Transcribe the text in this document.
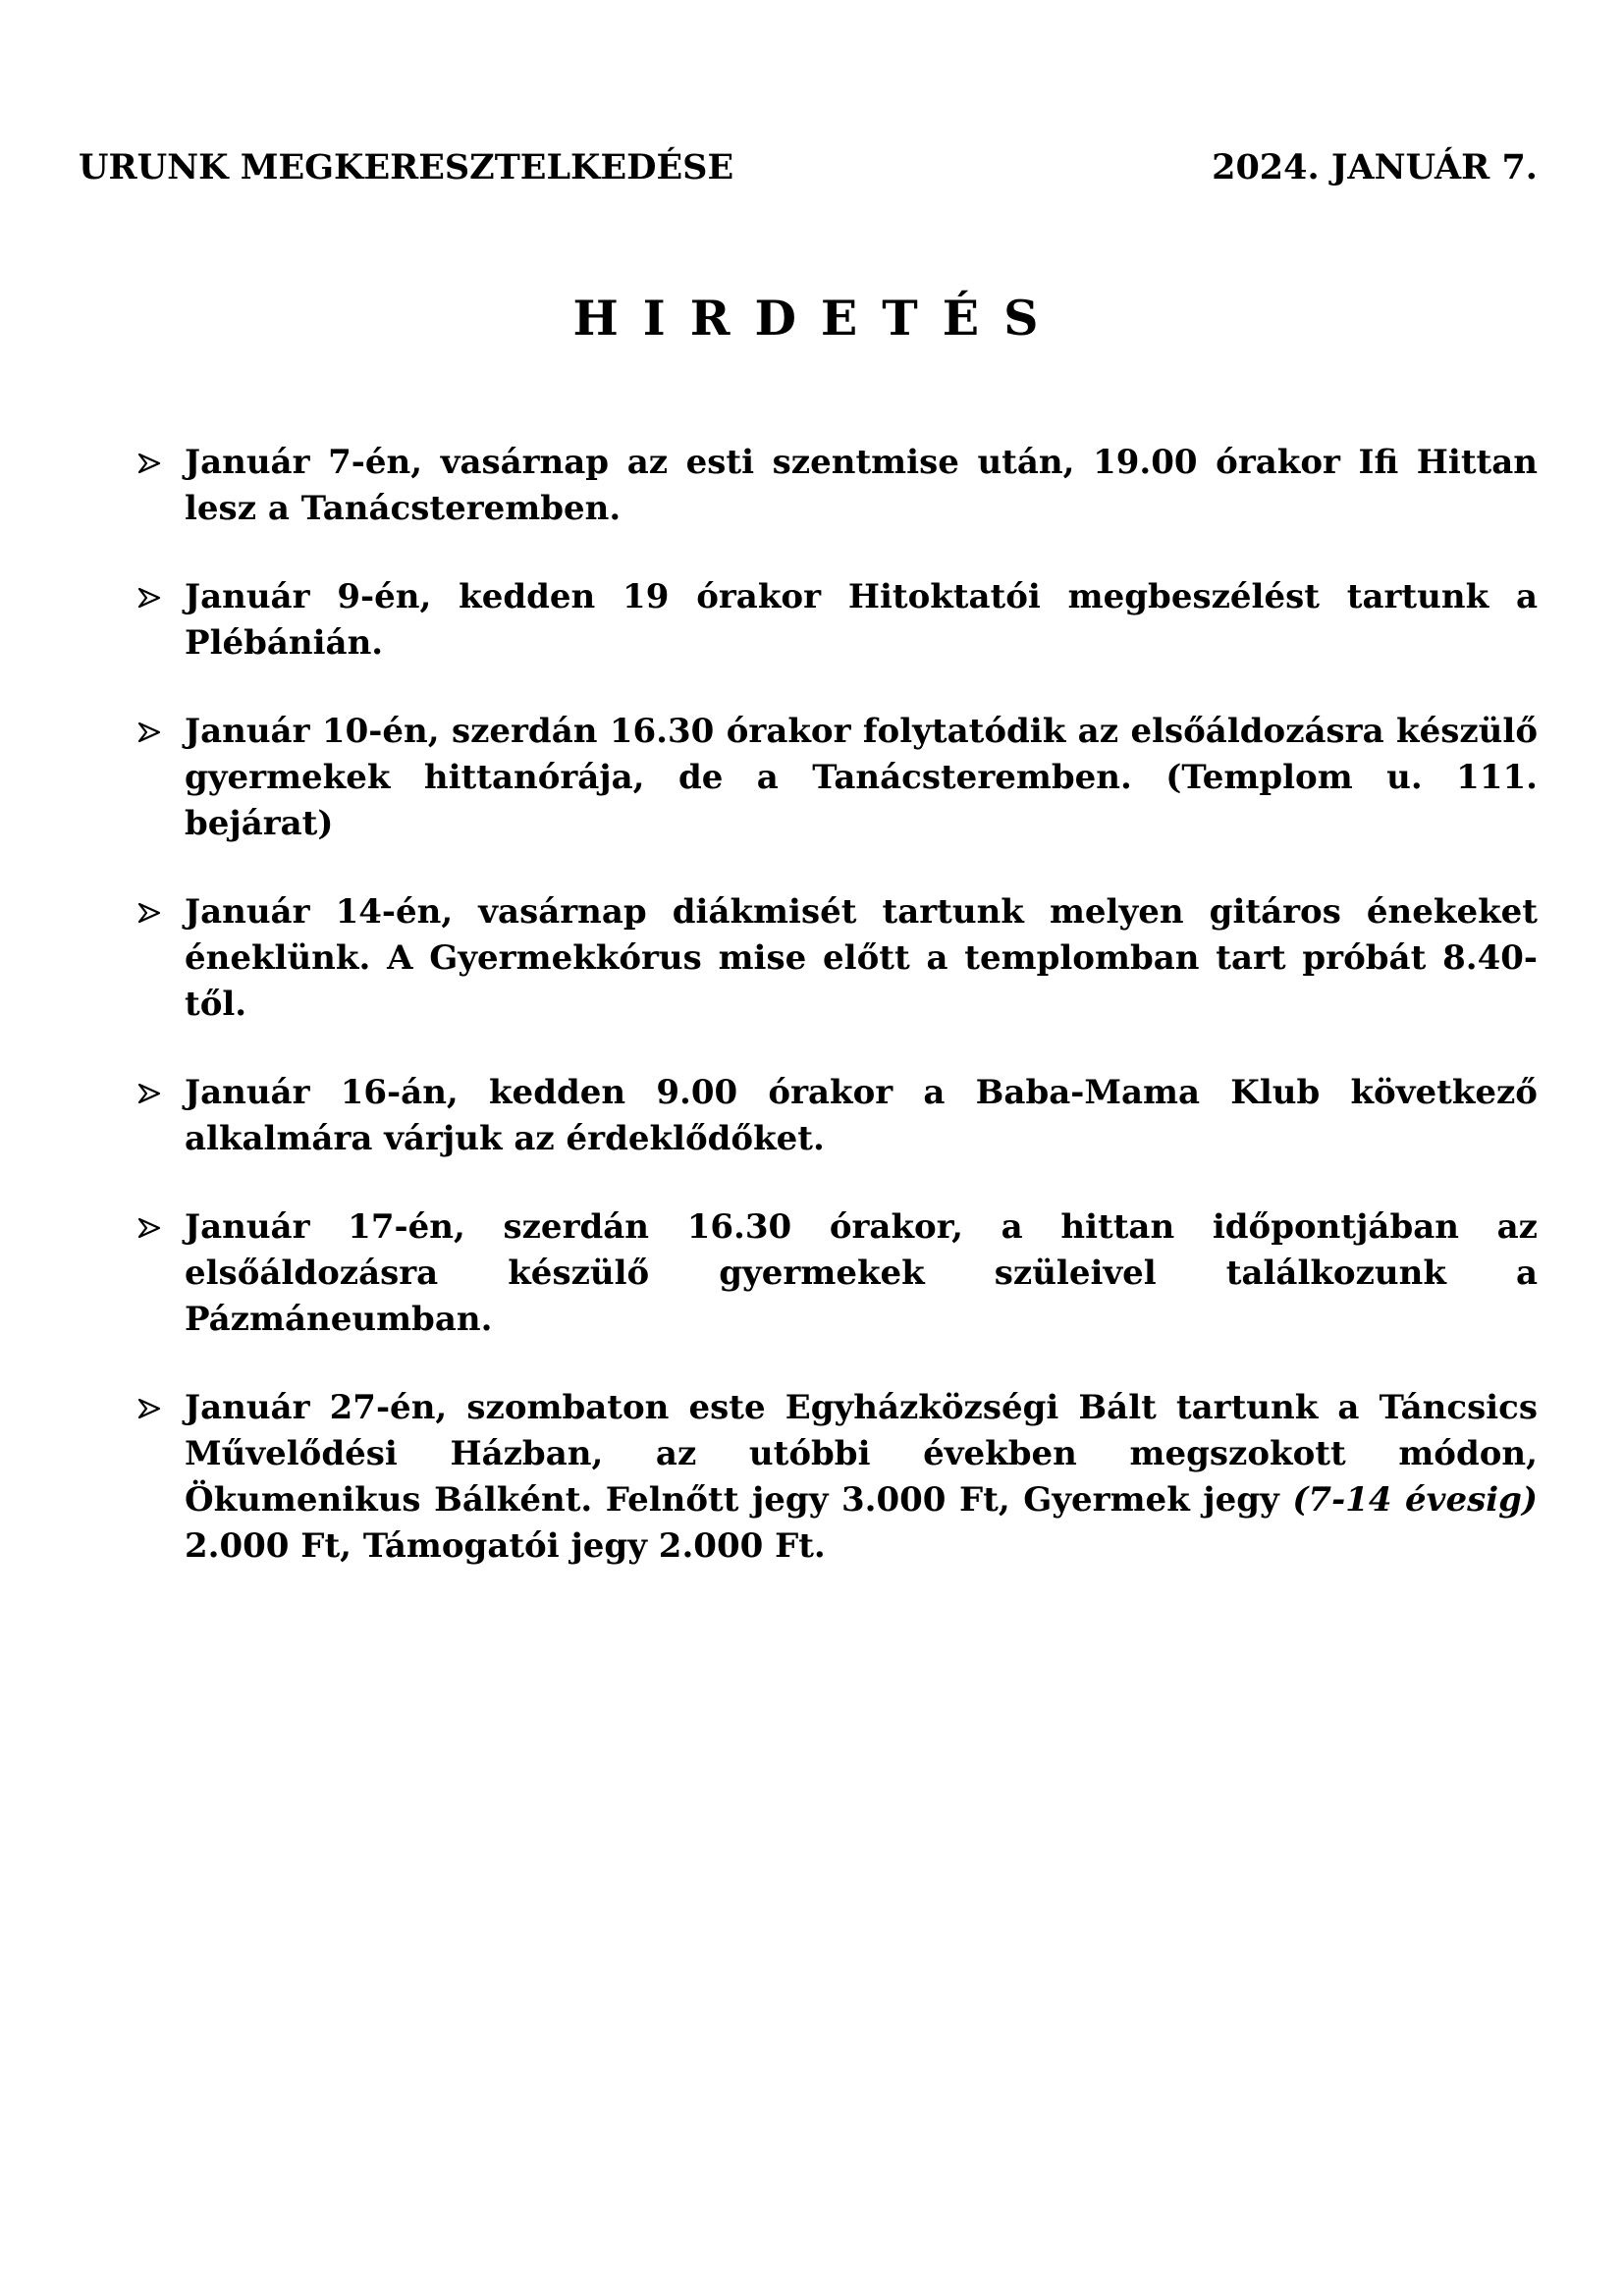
URUNK MEGKERESZTELKEDÉSE	2024. JANUÁR 7.
HIRDETÉS
Január 7-én, vasárnap az esti szentmise után, 19.00 órakor Ifi Hittan lesz a Tanácsteremben.
Január 9-én, kedden 19 órakor Hitoktatói megbeszélést tartunk a Plébánián.
Január 10-én, szerdán 16.30 órakor folytatódik az elsőáldozásra készülő gyermekek hittanórája, de a Tanácsteremben. (Templom u. 111. bejárat)
Január 14-én, vasárnap diákmisét tartunk melyen gitáros énekeket éneklünk. A Gyermekkórus mise előtt a templomban tart próbát 8.40-től.
Január 16-án, kedden 9.00 órakor a Baba-Mama Klub következő alkalmára várjuk az érdeklődőket.
Január 17-én, szerdán 16.30 órakor, a hittan időpontjában az elsőáldozásra készülő gyermekek szüleivel találkozunk a Pázmáneumban.
Január 27-én, szombaton este Egyházközségi Bált tartunk a Táncsics Művelődési Házban, az utóbbi években megszokott módon, Ökumenikus Bálként. Felnőtt jegy 3.000 Ft, Gyermek jegy (7-14 évesig) 2.000 Ft, Támogatói jegy 2.000 Ft.
